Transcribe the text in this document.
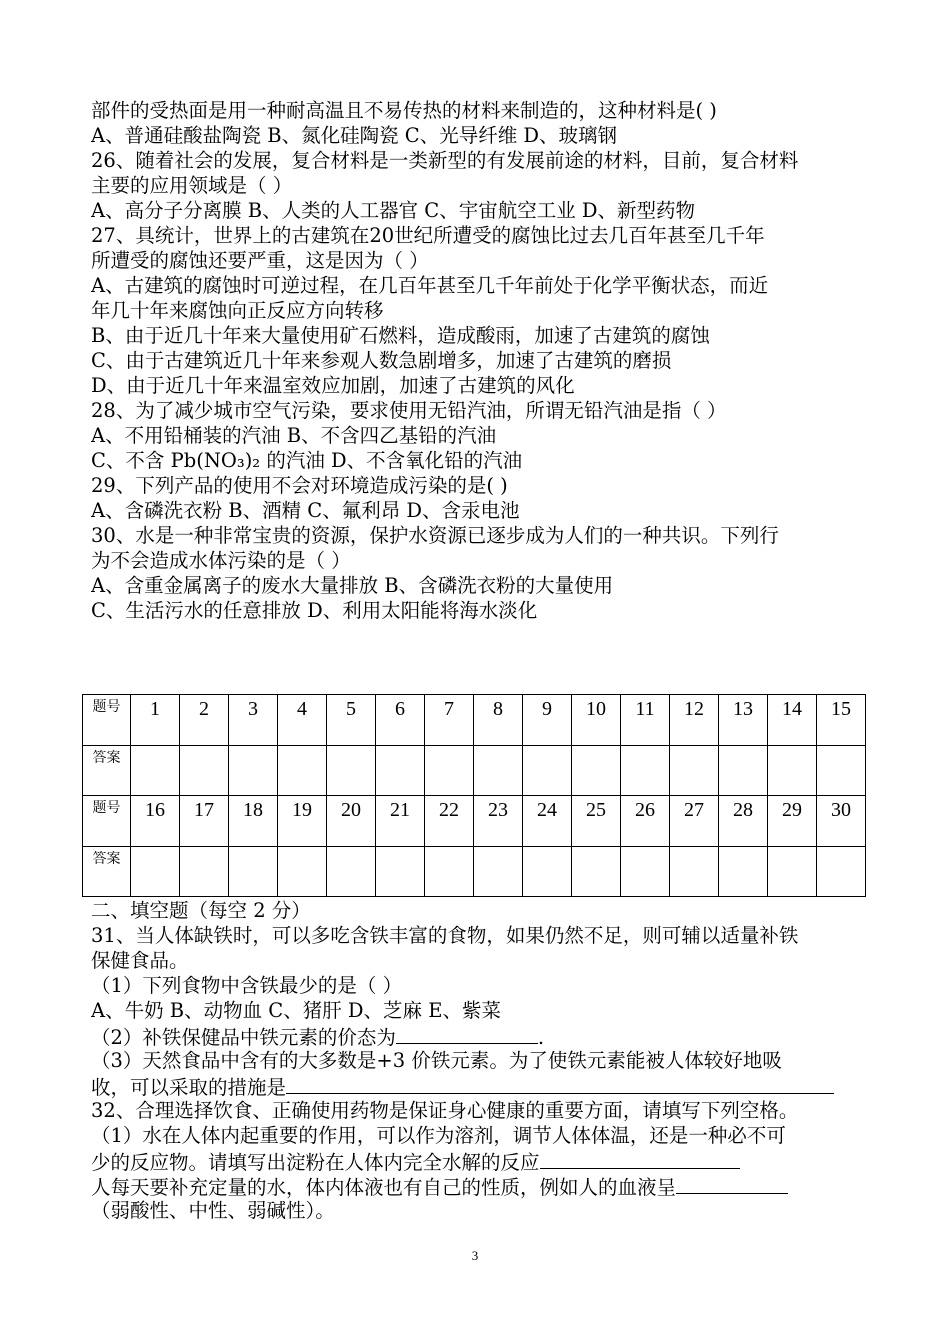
部件的受热面是用一种耐高温且不易传热的材料来制造的，这种材料是( )
A、普通硅酸盐陶瓷 B、氮化硅陶瓷 C、光导纤维 D、玻璃钢
26、随着社会的发展，复合材料是一类新型的有发展前途的材料，目前，复合材料
主要的应用领域是（ ）
A、高分子分离膜 B、人类的人工器官 C、宇宙航空工业 D、新型药物
27、具统计，世界上的古建筑在20世纪所遭受的腐蚀比过去几百年甚至几千年
所遭受的腐蚀还要严重，这是因为（ ）
A、古建筑的腐蚀时可逆过程，在几百年甚至几千年前处于化学平衡状态，而近
年几十年来腐蚀向正反应方向转移
B、由于近几十年来大量使用矿石燃料，造成酸雨，加速了古建筑的腐蚀
C、由于古建筑近几十年来参观人数急剧增多，加速了古建筑的磨损
D、由于近几十年来温室效应加剧，加速了古建筑的风化
28、为了减少城市空气污染，要求使用无铅汽油，所谓无铅汽油是指（ ）
A、不用铅桶装的汽油 B、不含四乙基铅的汽油
C、不含 Pb(NO₃)₂ 的汽油 D、不含氧化铅的汽油
29、下列产品的使用不会对环境造成污染的是( )
A、含磷洗衣粉 B、酒精 C、氟利昂 D、含汞电池
30、水是一种非常宝贵的资源，保护水资源已逐步成为人们的一种共识。下列行
为不会造成水体污染的是（ ）
A、含重金属离子的废水大量排放 B、含磷洗衣粉的大量使用
C、生活污水的任意排放 D、利用太阳能将海水淡化
题号	1	2	3	4	5	6	7	8	9	10	11	12	13	14	15
答案															
题号	16	17	18	19	20	21	22	23	24	25	26	27	28	29	30
答案															
二、填空题（每空 2 分）
31、当人体缺铁时，可以多吃含铁丰富的食物，如果仍然不足，则可辅以适量补铁
保健食品。
（1）下列食物中含铁最少的是（ ）
A、牛奶 B、动物血 C、猪肝 D、芝麻 E、紫菜
（2）补铁保健品中铁元素的价态为	.
（3）天然食品中含有的大多数是+3 价铁元素。为了使铁元素能被人体较好地吸
收，可以采取的措施是
32、合理选择饮食、正确使用药物是保证身心健康的重要方面，请填写下列空格。
（1）水在人体内起重要的作用，可以作为溶剂，调节人体体温，还是一种必不可
少的反应物。请填写出淀粉在人体内完全水解的反应
人每天要补充定量的水，体内体液也有自己的性质，例如人的血液呈
（弱酸性、中性、弱碱性）。
3
